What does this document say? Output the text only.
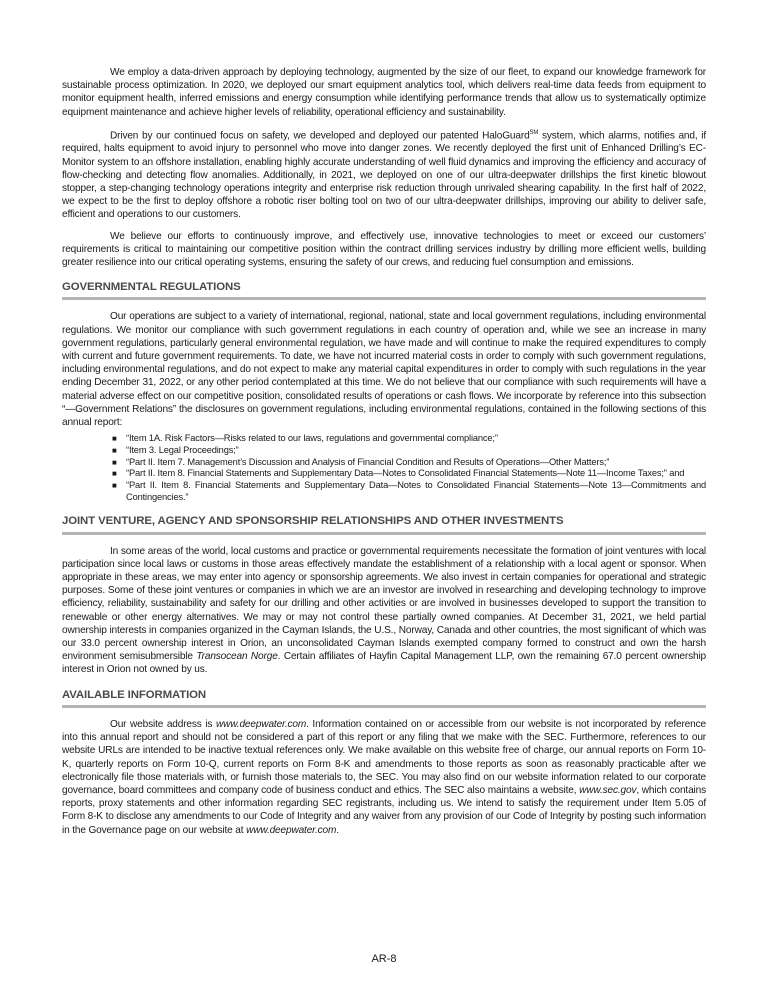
We employ a data-driven approach by deploying technology, augmented by the size of our fleet, to expand our knowledge framework for sustainable process optimization. In 2020, we deployed our smart equipment analytics tool, which delivers real-time data feeds from equipment to monitor equipment health, inferred emissions and energy consumption while identifying performance trends that allow us to systematically optimize equipment maintenance and achieve higher levels of reliability, operational efficiency and sustainability.

Driven by our continued focus on safety, we developed and deployed our patented HaloGuard℠ system, which alarms, notifies and, if required, halts equipment to avoid injury to personnel who move into danger zones. We recently deployed the first unit of Enhanced Drilling’s EC-Monitor system to an offshore installation, enabling highly accurate understanding of well fluid dynamics and improving the efficiency and accuracy of flow-checking and detecting flow anomalies. Additionally, in 2021, we deployed on one of our ultra-deepwater drillships the first kinetic blowout stopper, a step-changing technology operations integrity and enterprise risk reduction through unrivaled shearing capability. In the first half of 2022, we expect to be the first to deploy offshore a robotic riser bolting tool on two of our ultra-deepwater drillships, improving our ability to deliver safe, efficient and operations to our customers.

We believe our efforts to continuously improve, and effectively use, innovative technologies to meet or exceed our customers’ requirements is critical to maintaining our competitive position within the contract drilling services industry by drilling more efficient wells, building greater resilience into our critical operating systems, ensuring the safety of our crews, and reducing fuel consumption and emissions.

GOVERNMENTAL REGULATIONS

Our operations are subject to a variety of international, regional, national, state and local government regulations, including environmental regulations. We monitor our compliance with such government regulations in each country of operation and, while we see an increase in many government regulations, particularly general environmental regulation, we have made and will continue to make the required expenditures to comply with current and future government requirements. To date, we have not incurred material costs in order to comply with such government regulations, including environmental regulations, and do not expect to make any material capital expenditures in order to comply with such regulations in the year ending December 31, 2022, or any other period contemplated at this time. We do not believe that our compliance with such requirements will have a material adverse effect on our competitive position, consolidated results of operations or cash flows. We incorporate by reference into this subsection “—Government Relations” the disclosures on government regulations, including environmental regulations, contained in the following sections of this annual report:

■ “Item 1A. Risk Factors—Risks related to our laws, regulations and governmental compliance;”
■ “Item 3. Legal Proceedings;”
■ “Part II. Item 7. Management’s Discussion and Analysis of Financial Condition and Results of Operations—Other Matters;”
■ “Part II. Item 8. Financial Statements and Supplementary Data—Notes to Consolidated Financial Statements—Note 11—Income Taxes;” and
■ “Part II. Item 8. Financial Statements and Supplementary Data—Notes to Consolidated Financial Statements—Note 13—Commitments and Contingencies.”
JOINT VENTURE, AGENCY AND SPONSORSHIP RELATIONSHIPS AND OTHER INVESTMENTS

In some areas of the world, local customs and practice or governmental requirements necessitate the formation of joint ventures with local participation since local laws or customs in those areas effectively mandate the establishment of a relationship with a local agent or sponsor. When appropriate in these areas, we may enter into agency or sponsorship agreements. We also invest in certain companies for operational and strategic purposes. Some of these joint ventures or companies in which we are an investor are involved in researching and developing technology to improve efficiency, reliability, sustainability and safety for our drilling and other activities or are involved in businesses developed to support the transition to renewable or other energy alternatives. We may or may not control these partially owned companies. At December 31, 2021, we held partial ownership interests in companies organized in the Cayman Islands, the U.S., Norway, Canada and other countries, the most significant of which was our 33.0 percent ownership interest in Orion, an unconsolidated Cayman Islands exempted company formed to construct and own the harsh environment semisubmersible Transocean Norge. Certain affiliates of Hayfin Capital Management LLP, own the remaining 67.0 percent ownership interest in Orion not owned by us.

AVAILABLE INFORMATION

Our website address is www.deepwater.com. Information contained on or accessible from our website is not incorporated by reference into this annual report and should not be considered a part of this report or any filing that we make with the SEC. Furthermore, references to our website URLs are intended to be inactive textual references only. We make available on this website free of charge, our annual reports on Form 10-K, quarterly reports on Form 10-Q, current reports on Form 8-K and amendments to those reports as soon as reasonably practicable after we electronically file those materials with, or furnish those materials to, the SEC. You may also find on our website information related to our corporate governance, board committees and company code of business conduct and ethics. The SEC also maintains a website, www.sec.gov, which contains reports, proxy statements and other information regarding SEC registrants, including us. We intend to satisfy the requirement under Item 5.05 of Form 8-K to disclose any amendments to our Code of Integrity and any waiver from any provision of our Code of Integrity by posting such information in the Governance page on our website at www.deepwater.com.

AR-8
